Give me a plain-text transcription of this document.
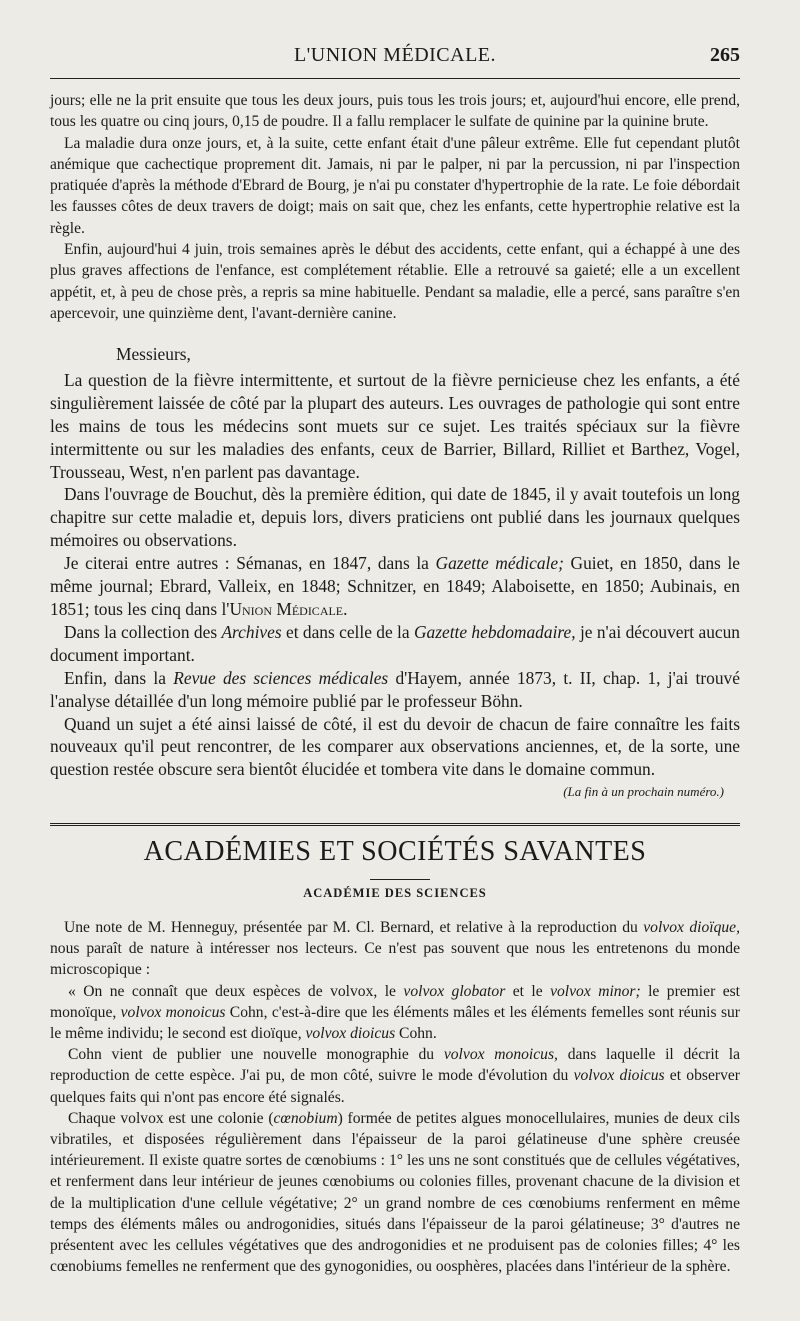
L'UNION MÉDICALE.	265

jours; elle ne la prit ensuite que tous les deux jours, puis tous les trois jours; et, aujourd'hui encore, elle prend, tous les quatre ou cinq jours, 0,15 de poudre. Il a fallu remplacer le sulfate de quinine par la quinine brute.

La maladie dura onze jours, et, à la suite, cette enfant était d'une pâleur extrême. Elle fut cependant plutôt anémique que cachectique proprement dit. Jamais, ni par le palper, ni par la percussion, ni par l'inspection pratiquée d'après la méthode d'Ebrard de Bourg, je n'ai pu constater d'hypertrophie de la rate. Le foie débordait les fausses côtes de deux travers de doigt; mais on sait que, chez les enfants, cette hypertrophie relative est la règle.

Enfin, aujourd'hui 4 juin, trois semaines après le début des accidents, cette enfant, qui a échappé à une des plus graves affections de l'enfance, est complétement rétablie. Elle a retrouvé sa gaieté; elle a un excellent appétit, et, à peu de chose près, a repris sa mine habituelle. Pendant sa maladie, elle a percé, sans paraître s'en apercevoir, une quinzième dent, l'avant-dernière canine.

Messieurs,

La question de la fièvre intermittente, et surtout de la fièvre pernicieuse chez les enfants, a été singulièrement laissée de côté par la plupart des auteurs. Les ouvrages de pathologie qui sont entre les mains de tous les médecins sont muets sur ce sujet. Les traités spéciaux sur la fièvre intermittente ou sur les maladies des enfants, ceux de Barrier, Billard, Rilliet et Barthez, Vogel, Trousseau, West, n'en parlent pas davantage.

Dans l'ouvrage de Bouchut, dès la première édition, qui date de 1845, il y avait toutefois un long chapitre sur cette maladie et, depuis lors, divers praticiens ont publié dans les journaux quelques mémoires ou observations.

Je citerai entre autres : Sémanas, en 1847, dans la Gazette médicale; Guiet, en 1850, dans le même journal; Ebrard, Valleix, en 1848; Schnitzer, en 1849; Alaboisette, en 1850; Aubinais, en 1851; tous les cinq dans l'Union Médicale.

Dans la collection des Archives et dans celle de la Gazette hebdomadaire, je n'ai découvert aucun document important.

Enfin, dans la Revue des sciences médicales d'Hayem, année 1873, t. II, chap. 1, j'ai trouvé l'analyse détaillée d'un long mémoire publié par le professeur Böhn.

Quand un sujet a été ainsi laissé de côté, il est du devoir de chacun de faire connaître les faits nouveaux qu'il peut rencontrer, de les comparer aux observations anciennes, et, de la sorte, une question restée obscure sera bientôt élucidée et tombera vite dans le domaine commun.

(La fin à un prochain numéro.)

ACADÉMIES ET SOCIÉTÉS SAVANTES
ACADÉMIE DES SCIENCES

Une note de M. Henneguy, présentée par M. Cl. Bernard, et relative à la reproduction du volvox dioïque, nous paraît de nature à intéresser nos lecteurs. Ce n'est pas souvent que nous les entretenons du monde microscopique :

« On ne connaît que deux espèces de volvox, le volvox globator et le volvox minor; le premier est monoïque, volvox monoicus Cohn, c'est-à-dire que les éléments mâles et les éléments femelles sont réunis sur le même individu; le second est dioïque, volvox dioicus Cohn.

Cohn vient de publier une nouvelle monographie du volvox monoicus, dans laquelle il décrit la reproduction de cette espèce. J'ai pu, de mon côté, suivre le mode d'évolution du volvox dioicus et observer quelques faits qui n'ont pas encore été signalés.

Chaque volvox est une colonie (cœnobium) formée de petites algues monocellulaires, munies de deux cils vibratiles, et disposées régulièrement dans l'épaisseur de la paroi gélatineuse d'une sphère creusée intérieurement. Il existe quatre sortes de cœnobiums : 1° les uns ne sont constitués que de cellules végétatives, et renferment dans leur intérieur de jeunes cœnobiums ou colonies filles, provenant chacune de la division et de la multiplication d'une cellule végétative; 2° un grand nombre de ces cœnobiums renferment en même temps des éléments mâles ou androgonidies, situés dans l'épaisseur de la paroi gélatineuse; 3° d'autres ne présentent avec les cellules végétatives que des androgonidies et ne produisent pas de colonies filles; 4° les cœnobiums femelles ne renferment que des gynogonidies, ou oosphères, placées dans l'intérieur de la sphère.
